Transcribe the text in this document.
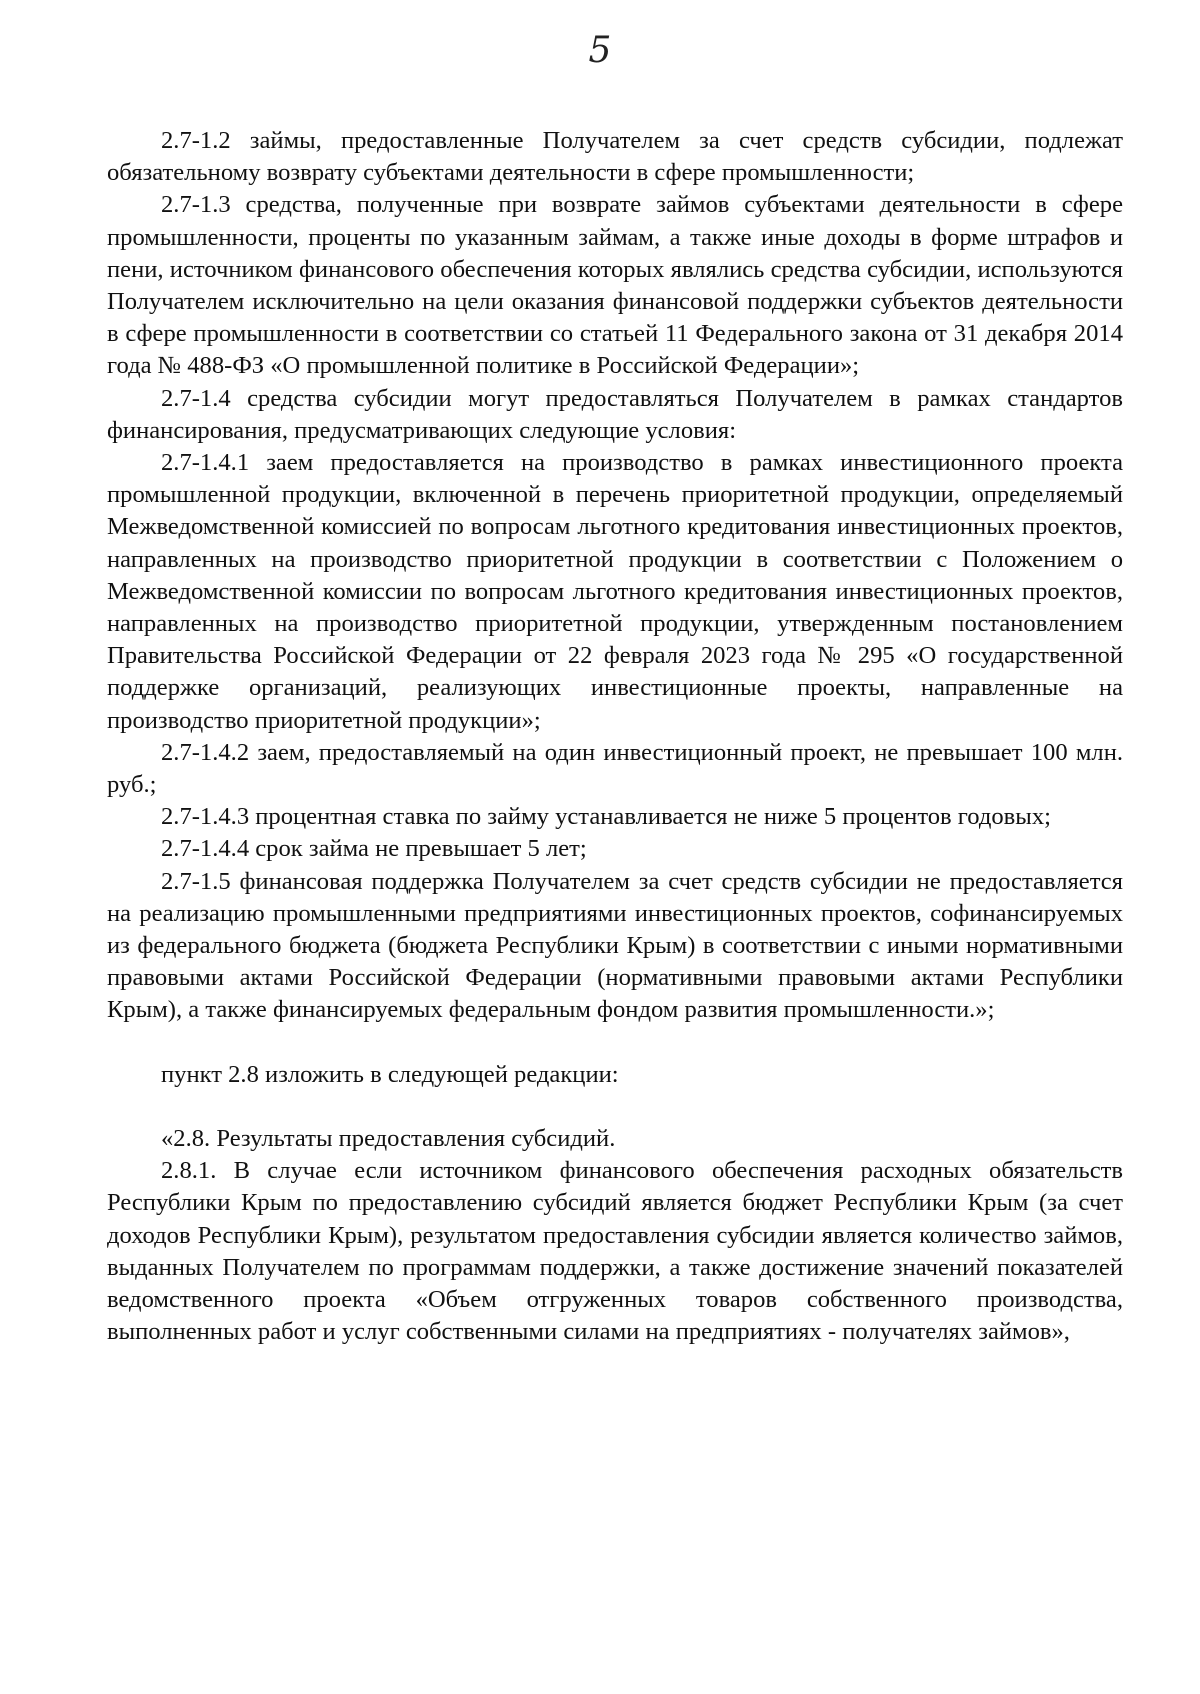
5

2.7-1.2 займы, предоставленные Получателем за счет средств субсидии, подлежат обязательному возврату субъектами деятельности в сфере промышленности;

2.7-1.3 средства, полученные при возврате займов субъектами деятельности в сфере промышленности, проценты по указанным займам, а также иные доходы в форме штрафов и пени, источником финансового обеспечения которых являлись средства субсидии, используются Получателем исключительно на цели оказания финансовой поддержки субъектов деятельности в сфере промышленности в соответствии со статьей 11 Федерального закона от 31 декабря 2014 года № 488-ФЗ «О промышленной политике в Российской Федерации»;

2.7-1.4 средства субсидии могут предоставляться Получателем в рамках стандартов финансирования, предусматривающих следующие условия:

2.7-1.4.1 заем предоставляется на производство в рамках инвестиционного проекта промышленной продукции, включенной в перечень приоритетной продукции, определяемый Межведомственной комиссией по вопросам льготного кредитования инвестиционных проектов, направленных на производство приоритетной продукции в соответствии с Положением о Межведомственной комиссии по вопросам льготного кредитования инвестиционных проектов, направленных на производство приоритетной продукции, утвержденным постановлением Правительства Российской Федерации от 22 февраля 2023 года № 295 «О государственной поддержке организаций, реализующих инвестиционные проекты, направленные на производство приоритетной продукции»;

2.7-1.4.2 заем, предоставляемый на один инвестиционный проект, не превышает 100 млн. руб.;

2.7-1.4.3 процентная ставка по займу устанавливается не ниже 5 процентов годовых;

2.7-1.4.4 срок займа не превышает 5 лет;

2.7-1.5 финансовая поддержка Получателем за счет средств субсидии не предоставляется на реализацию промышленными предприятиями инвестиционных проектов, софинансируемых из федерального бюджета (бюджета Республики Крым) в соответствии с иными нормативными правовыми актами Российской Федерации (нормативными правовыми актами Республики Крым), а также финансируемых федеральным фондом развития промышленности.»;

пункт 2.8 изложить в следующей редакции:

«2.8. Результаты предоставления субсидий.

2.8.1. В случае если источником финансового обеспечения расходных обязательств Республики Крым по предоставлению субсидий является бюджет Республики Крым (за счет доходов Республики Крым), результатом предоставления субсидии является количество займов, выданных Получателем по программам поддержки, а также достижение значений показателей ведомственного проекта «Объем отгруженных товаров собственного производства, выполненных работ и услуг собственными силами на предприятиях - получателях займов»,
